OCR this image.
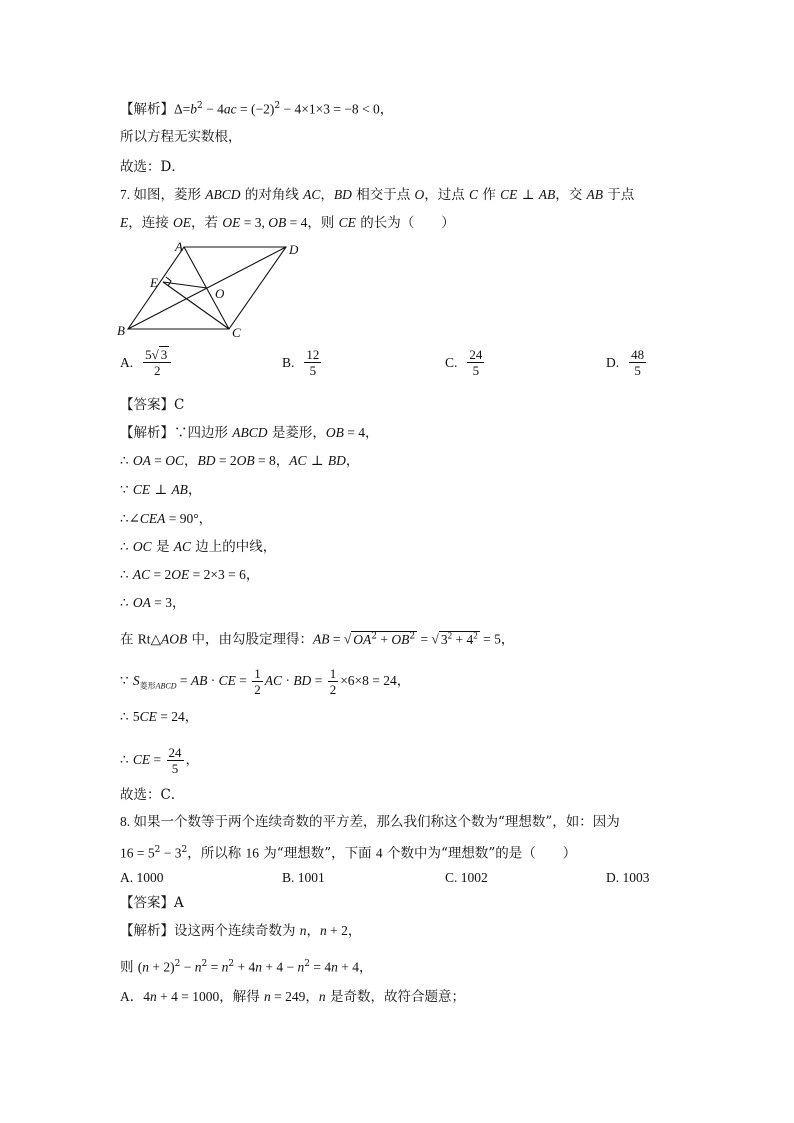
【解析】$\Delta=b^2 - 4ac = (-2)^2 - 4\times 1\times 3 = -8 < 0$，
所以方程无实数根，
故选：D．
7. 如图，菱形 ABCD 的对角线 AC，BD 相交于点 O，过点 C 作 CE ⊥ AB，交 AB 于点
E，连接 OE，若 OE = 3, OB = 4，则 CE 的长为（　　）
A	D
E
O
B	C
A. $\frac{5√ 3}{2}$	B. $\frac{12}{5}$	C. $\frac{24}{5}$	D. $\frac{48}{5}$
【答案】C
【解析】∵四边形 ABCD 是菱形，OB = 4，
∴ OA = OC，BD = 2OB = 8，AC ⊥ BD，
∵ CE ⊥ AB，
∴∠CEA = 90°，
∴ OC 是 AC 边上的中线，
∴ AC = 2OE = 2×3 = 6，
∴ OA = 3，
在 Rt△AOB 中，由勾股定理得：AB = √ $OA^2 + OB^2$ = √ $3^2 + 4^2 = 5$，
∵ $S_{菱形ABCD}$ = AB · CE = $\frac{1}{2}$ AC · BD = $\frac{1}{2} \times 6\times 8 = 24$，
∴ 5CE = 24，
∴ CE = $\frac{24}{5}$ ，
故选：C．
8. 如果一个数等于两个连续奇数的平方差，那么我们称这个数为“理想数”，如：因为
$16 = 5^2 - 3^2$，所以称 16 为“理想数”，下面 4 个数中为“理想数”的是（　　）
A. 1000	B. 1001	C. 1002	D. 1003
【答案】A
【解析】设这两个连续奇数为 n，n + 2，
则 $(n + 2)^2 - n^2 = n^2 + 4n + 4 - n^2 = 4n + 4$，
A．4n + 4 = 1000，解得 n = 249，n 是奇数，故符合题意；
